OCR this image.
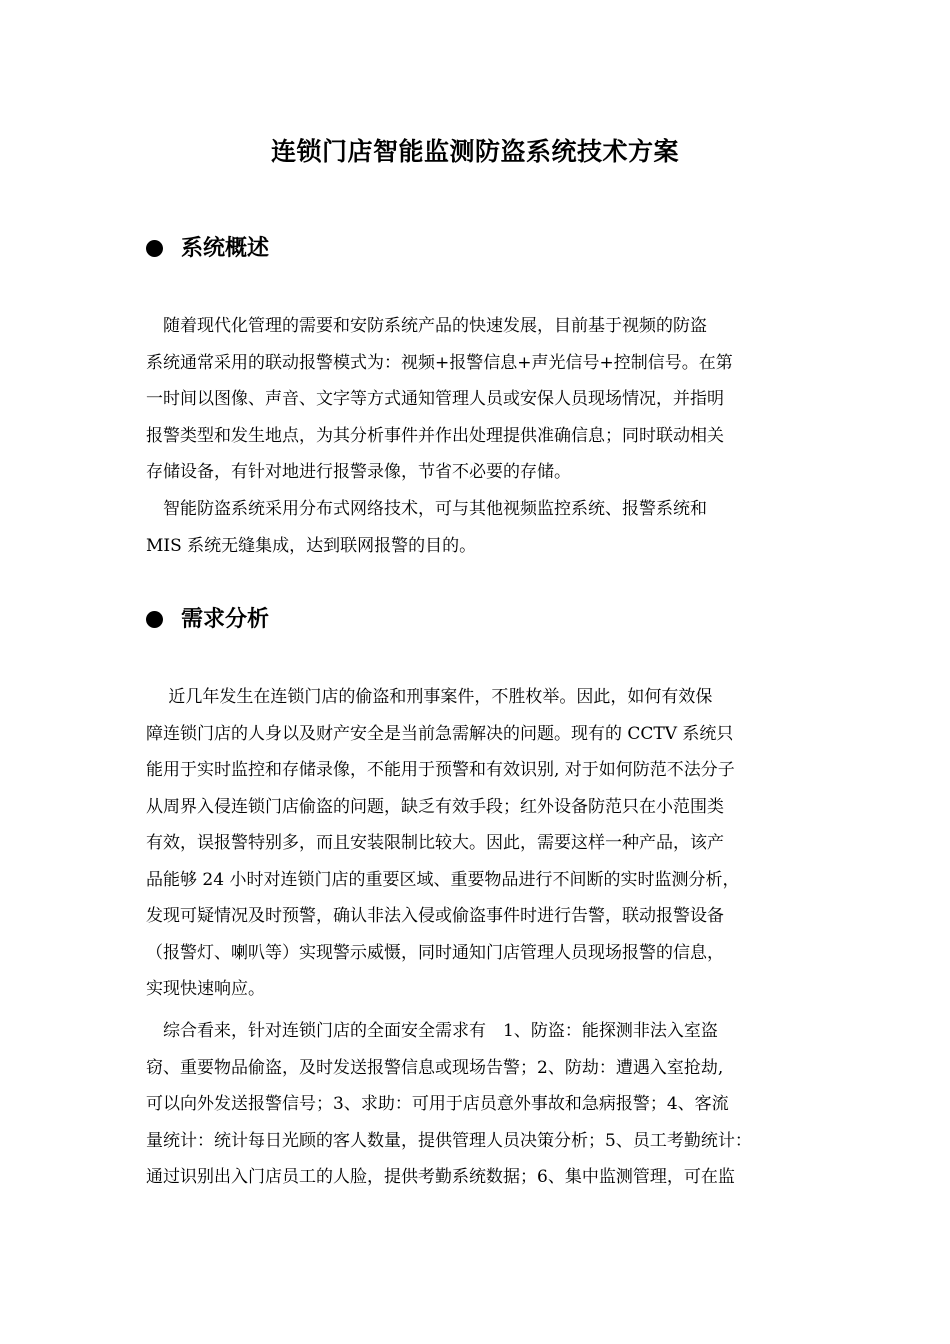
连锁门店智能监测防盗系统技术方案
系统概述

　随着现代化管理的需要和安防系统产品的快速发展，目前基于视频的防盗
系统通常采用的联动报警模式为：视频+报警信息+声光信号+控制信号。在第
一时间以图像、声音、文字等方式通知管理人员或安保人员现场情况，并指明
报警类型和发生地点，为其分析事件并作出处理提供准确信息；同时联动相关
存储设备，有针对地进行报警录像，节省不必要的存储。

　智能防盗系统采用分布式网络技术，可与其他视频监控系统、报警系统和
MIS 系统无缝集成，达到联网报警的目的。

需求分析

　 近几年发生在连锁门店的偷盗和刑事案件，不胜枚举。因此，如何有效保
障连锁门店的人身以及财产安全是当前急需解决的问题。现有的 CCTV 系统只
能用于实时监控和存储录像，不能用于预警和有效识别, 对于如何防范不法分子
从周界入侵连锁门店偷盗的问题，缺乏有效手段；红外设备防范只在小范围类
有效，误报警特别多，而且安装限制比较大。因此，需要这样一种产品，该产
品能够 24 小时对连锁门店的重要区域、重要物品进行不间断的实时监测分析，
发现可疑情况及时预警，确认非法入侵或偷盗事件时进行告警，联动报警设备
（报警灯、喇叭等）实现警示威慑，同时通知门店管理人员现场报警的信息，
实现快速响应。

　综合看来，针对连锁门店的全面安全需求有　1、防盗：能探测非法入室盗
窃、重要物品偷盗，及时发送报警信息或现场告警；2、防劫：遭遇入室抢劫,
可以向外发送报警信号；3、求助：可用于店员意外事故和急病报警；4、客流
量统计：统计每日光顾的客人数量，提供管理人员决策分析；5、员工考勤统计：
通过识别出入门店员工的人脸，提供考勤系统数据；6、集中监测管理，可在监
